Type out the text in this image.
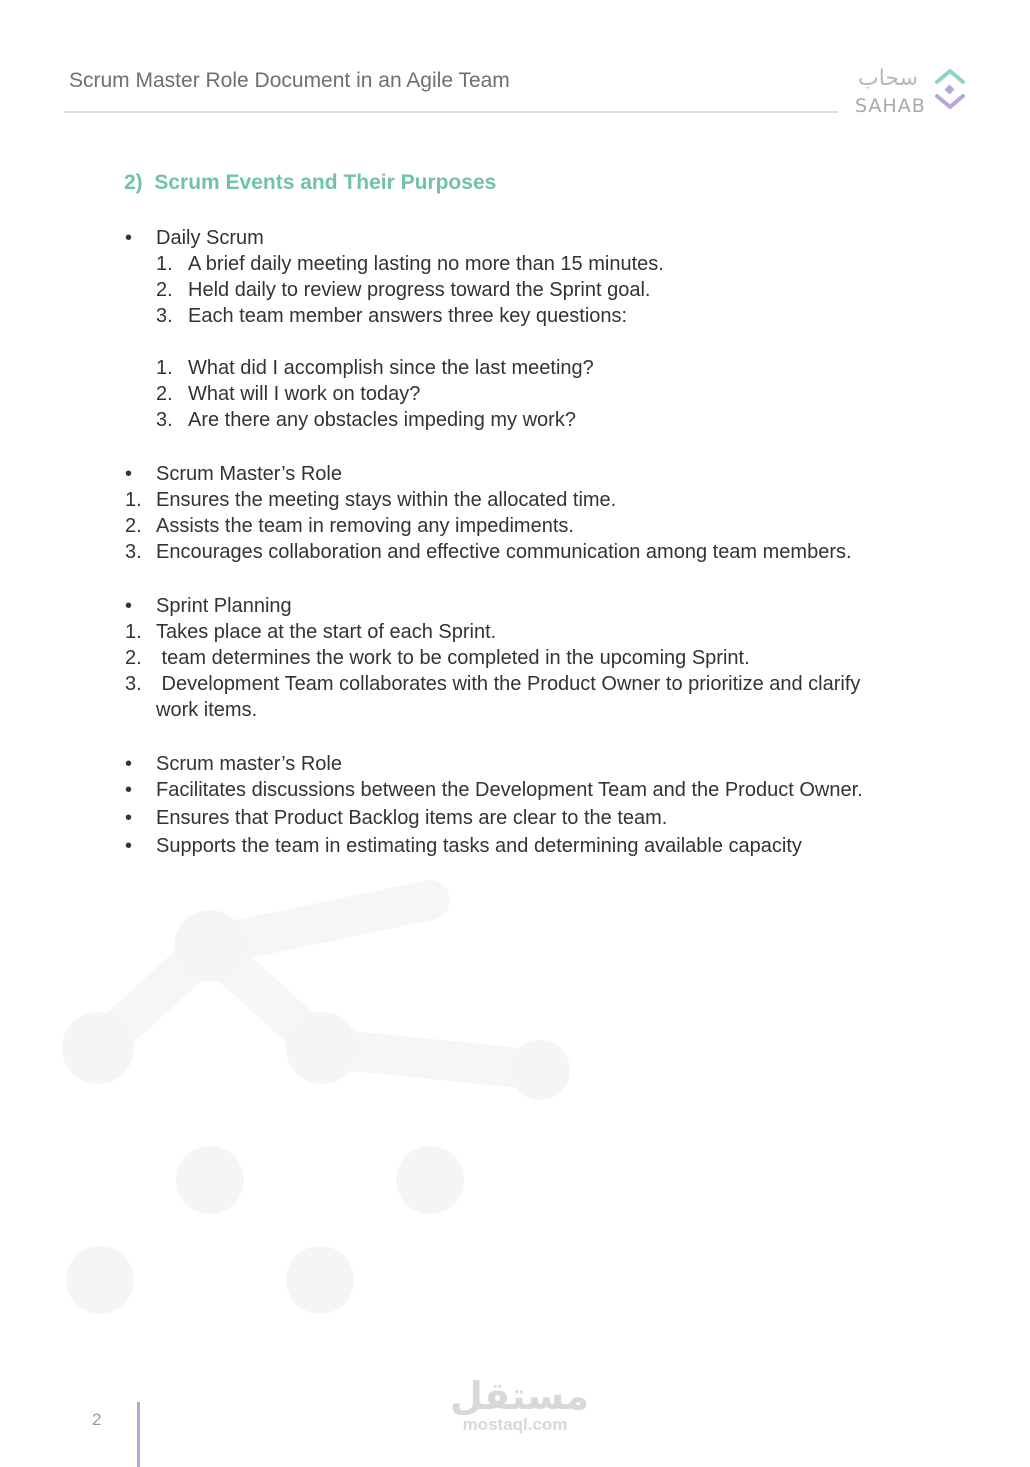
Scrum Master Role Document in an Agile Team	سحاب
SAHAB
2) Scrum Events and Their Purposes
• Daily Scrum
1. A brief daily meeting lasting no more than 15 minutes.
2. Held daily to review progress toward the Sprint goal.
3. Each team member answers three key questions:
1. What did I accomplish since the last meeting?
2. What will I work on today?
3. Are there any obstacles impeding my work?
• Scrum Master’s Role
1. Ensures the meeting stays within the allocated time.
2. Assists the team in removing any impediments.
3. Encourages collaboration and effective communication among team members.
• Sprint Planning
1. Takes place at the start of each Sprint.
2. team determines the work to be completed in the upcoming Sprint.
3. Development Team collaborates with the Product Owner to prioritize and clarify
work items.
• Scrum master’s Role
• Facilitates discussions between the Development Team and the Product Owner.
• Ensures that Product Backlog items are clear to the team.
• Supports the team in estimating tasks and determining available capacity
2
مستقل
mostaql.com
